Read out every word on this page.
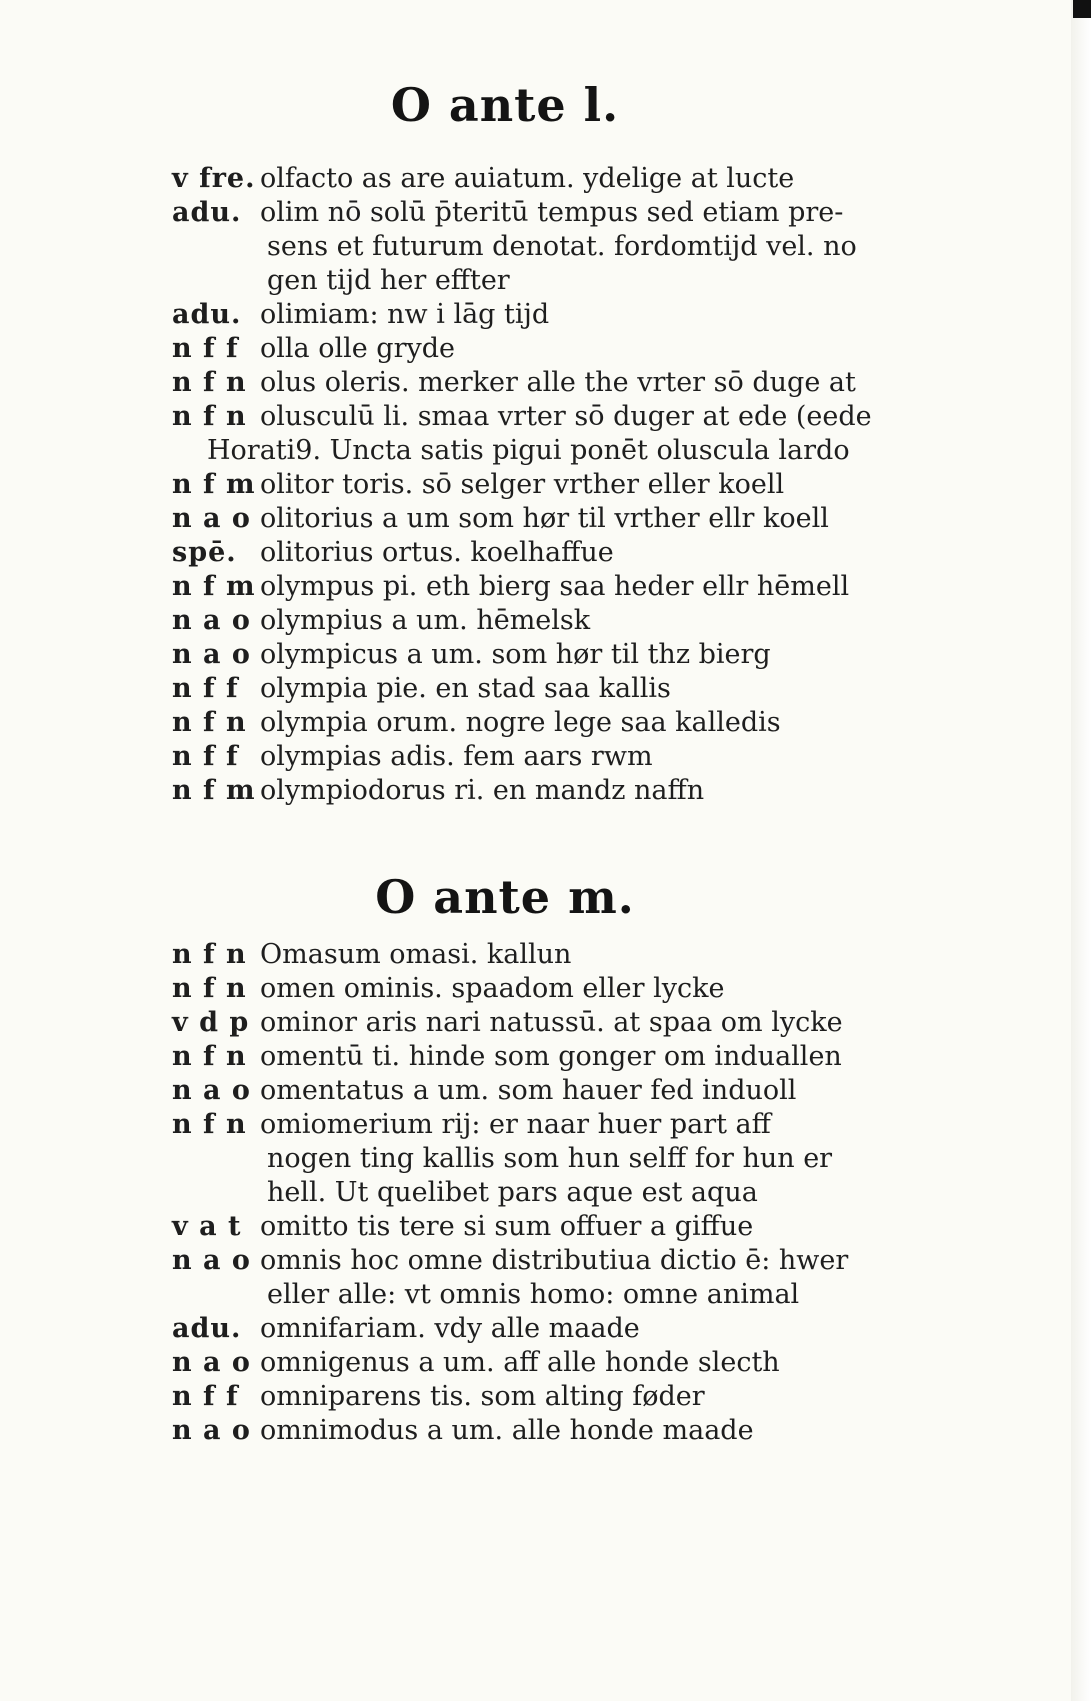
O ante l.
v fre. olfacto as are auiatum. ydelige at lucte
adu. olim nō solū p̄teritū tempus sed etiam pre-
sens et futurum denotat. fordomtijd vel. no
gen tijd her effter
adu. olimiam: nw i lāg tijd
n f f olla olle gryde
n f n olus oleris. merker alle the vrter sō duge at
n f n olusculū li. smaa vrter sō duger at ede (eede
Horati9. Uncta satis pigui ponēt oluscula lardo
n f m olitor toris. sō selger vrther eller koell
n a o olitorius a um som hør til vrther ellr koell
spē. olitorius ortus. koelhaffue
n f m olympus pi. eth bierg saa heder ellr hēmell
n a o olympius a um. hēmelsk
n a o olympicus a um. som hør til thz bierg
n f f olympia pie. en stad saa kallis
n f n olympia orum. nogre lege saa kalledis
n f f olympias adis. fem aars rwm
n f m olympiodorus ri. en mandz naffn
O ante m.
n f n Omasum omasi. kallun
n f n omen ominis. spaadom eller lycke
v d p ominor aris nari natussū. at spaa om lycke
n f n omentū ti. hinde som gonger om induallen
n a o omentatus a um. som hauer fed induoll
n f n omiomerium rij: er naar huer part aff
nogen ting kallis som hun selff for hun er
hell. Ut quelibet pars aque est aqua
v a t omitto tis tere si sum offuer a giffue
n a o omnis hoc omne distributiua dictio ē: hwer
eller alle: vt omnis homo: omne animal
adu. omnifariam. vdy alle maade
n a o omnigenus a um. aff alle honde slecth
n f f omniparens tis. som alting føder
n a o omnimodus a um. alle honde maade
